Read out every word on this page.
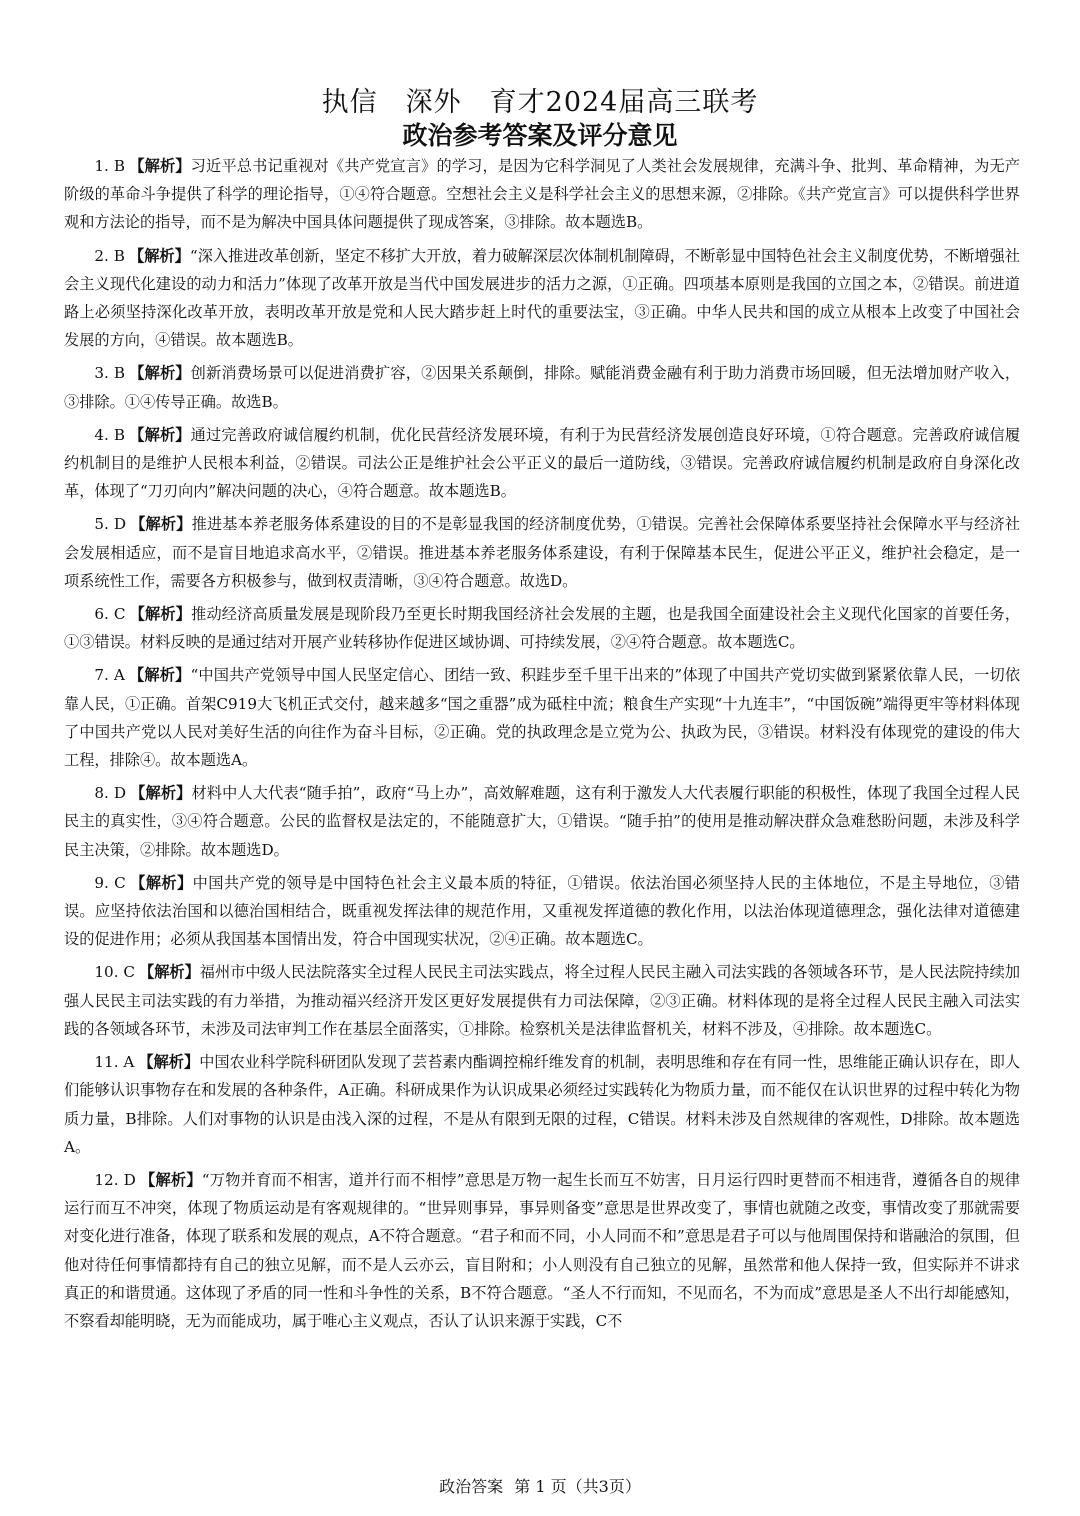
执信　深外　育才2024届高三联考
政治参考答案及评分意见

1. B 【解析】习近平总书记重视对《共产党宣言》的学习，是因为它科学洞见了人类社会发展规律，充满斗争、批判、革命精神，为无产阶级的革命斗争提供了科学的理论指导，①④符合题意。空想社会主义是科学社会主义的思想来源，②排除。《共产党宣言》可以提供科学世界观和方法论的指导，而不是为解决中国具体问题提供了现成答案，③排除。故本题选B。

2. B 【解析】“深入推进改革创新，坚定不移扩大开放，着力破解深层次体制机制障碍，不断彰显中国特色社会主义制度优势，不断增强社会主义现代化建设的动力和活力”体现了改革开放是当代中国发展进步的活力之源，①正确。四项基本原则是我国的立国之本，②错误。前进道路上必须坚持深化改革开放，表明改革开放是党和人民大踏步赶上时代的重要法宝，③正确。中华人民共和国的成立从根本上改变了中国社会发展的方向，④错误。故本题选B。

3. B 【解析】创新消费场景可以促进消费扩容，②因果关系颠倒，排除。赋能消费金融有利于助力消费市场回暖，但无法增加财产收入，③排除。①④传导正确。故选B。

4. B 【解析】通过完善政府诚信履约机制，优化民营经济发展环境，有利于为民营经济发展创造良好环境，①符合题意。完善政府诚信履约机制目的是维护人民根本利益，②错误。司法公正是维护社会公平正义的最后一道防线，③错误。完善政府诚信履约机制是政府自身深化改革，体现了“刀刃向内”解决问题的决心，④符合题意。故本题选B。

5. D 【解析】推进基本养老服务体系建设的目的不是彰显我国的经济制度优势，①错误。完善社会保障体系要坚持社会保障水平与经济社会发展相适应，而不是盲目地追求高水平，②错误。推进基本养老服务体系建设，有利于保障基本民生，促进公平正义，维护社会稳定，是一项系统性工作，需要各方积极参与，做到权责清晰，③④符合题意。故选D。

6. C 【解析】推动经济高质量发展是现阶段乃至更长时期我国经济社会发展的主题，也是我国全面建设社会主义现代化国家的首要任务，①③错误。材料反映的是通过结对开展产业转移协作促进区域协调、可持续发展，②④符合题意。故本题选C。

7. A 【解析】“中国共产党领导中国人民坚定信心、团结一致、积跬步至千里干出来的”体现了中国共产党切实做到紧紧依靠人民，一切依靠人民，①正确。首架C919大飞机正式交付，越来越多“国之重器”成为砥柱中流；粮食生产实现“十九连丰”，“中国饭碗”端得更牢等材料体现了中国共产党以人民对美好生活的向往作为奋斗目标，②正确。党的执政理念是立党为公、执政为民，③错误。材料没有体现党的建设的伟大工程，排除④。故本题选A。

8. D 【解析】材料中人大代表“随手拍”，政府“马上办”，高效解难题，这有利于激发人大代表履行职能的积极性，体现了我国全过程人民民主的真实性，③④符合题意。公民的监督权是法定的，不能随意扩大，①错误。“随手拍”的使用是推动解决群众急难愁盼问题，未涉及科学民主决策，②排除。故本题选D。

9. C 【解析】中国共产党的领导是中国特色社会主义最本质的特征，①错误。依法治国必须坚持人民的主体地位，不是主导地位，③错误。应坚持依法治国和以德治国相结合，既重视发挥法律的规范作用，又重视发挥道德的教化作用，以法治体现道德理念，强化法律对道德建设的促进作用；必须从我国基本国情出发，符合中国现实状况，②④正确。故本题选C。

10. C 【解析】福州市中级人民法院落实全过程人民民主司法实践点，将全过程人民民主融入司法实践的各领域各环节，是人民法院持续加强人民民主司法实践的有力举措，为推动福兴经济开发区更好发展提供有力司法保障，②③正确。材料体现的是将全过程人民民主融入司法实践的各领域各环节，未涉及司法审判工作在基层全面落实，①排除。检察机关是法律监督机关，材料不涉及，④排除。故本题选C。

11. A 【解析】中国农业科学院科研团队发现了芸苔素内酯调控棉纤维发育的机制，表明思维和存在有同一性，思维能正确认识存在，即人们能够认识事物存在和发展的各种条件，A正确。科研成果作为认识成果必须经过实践转化为物质力量，而不能仅在认识世界的过程中转化为物质力量，B排除。人们对事物的认识是由浅入深的过程，不是从有限到无限的过程，C错误。材料未涉及自然规律的客观性，D排除。故本题选A。

12. D 【解析】“万物并育而不相害，道并行而不相悖”意思是万物一起生长而互不妨害，日月运行四时更替而不相违背，遵循各自的规律运行而互不冲突，体现了物质运动是有客观规律的。“世异则事异，事异则备变”意思是世界改变了，事情也就随之改变，事情改变了那就需要对变化进行准备，体现了联系和发展的观点，A不符合题意。“君子和而不同，小人同而不和”意思是君子可以与他周围保持和谐融洽的氛围，但他对待任何事情都持有自己的独立见解，而不是人云亦云，盲目附和；小人则没有自己独立的见解，虽然常和他人保持一致，但实际并不讲求真正的和谐贯通。这体现了矛盾的同一性和斗争性的关系，B不符合题意。“圣人不行而知，不见而名，不为而成”意思是圣人不出行却能感知，不察看却能明晓，无为而能成功，属于唯心主义观点，否认了认识来源于实践，C不

政治答案 第 1 页（共3页）
